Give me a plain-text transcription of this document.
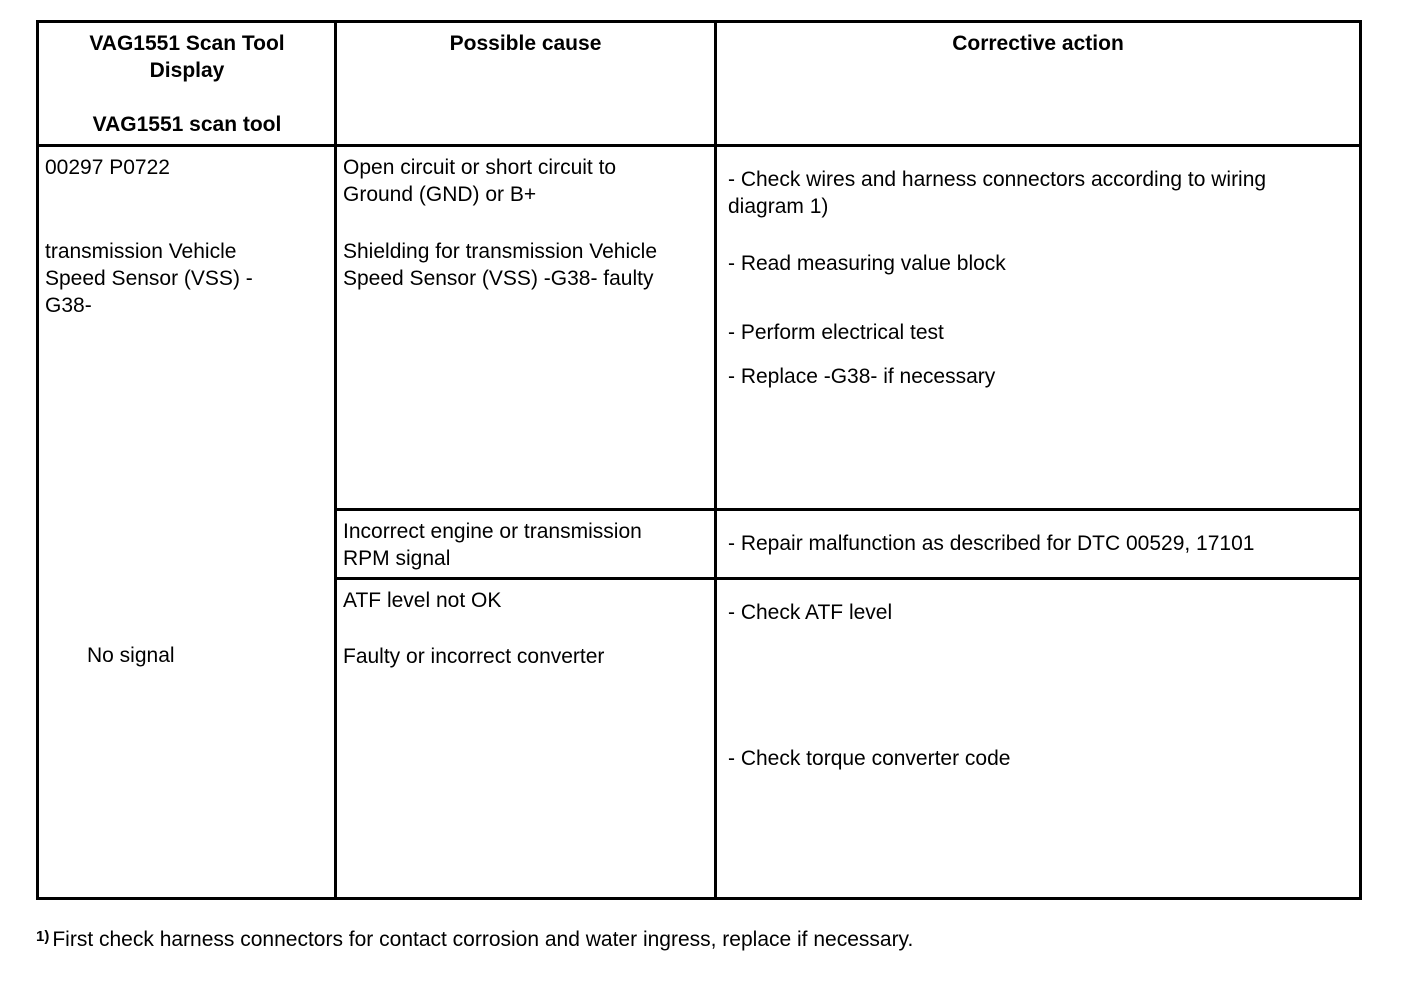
VAG1551 Scan Tool
Display
VAG1551 scan tool
Possible cause	Corrective action
00297 P0722
transmission Vehicle
Speed Sensor (VSS) -
G38-
No signal
Open circuit or short circuit to
Ground (GND) or B+
Shielding for transmission Vehicle
Speed Sensor (VSS) -G38- faulty
Incorrect engine or transmission
RPM signal
ATF level not OK
Faulty or incorrect converter
- Check wires and harness connectors according to wiring
diagram 1)
- Read measuring value block
- Perform electrical test
- Replace -G38- if necessary
- Repair malfunction as described for DTC 00529, 17101
- Check ATF level
- Check torque converter code
$^{1)}$ First check harness connectors for contact corrosion and water ingress, replace if necessary.
